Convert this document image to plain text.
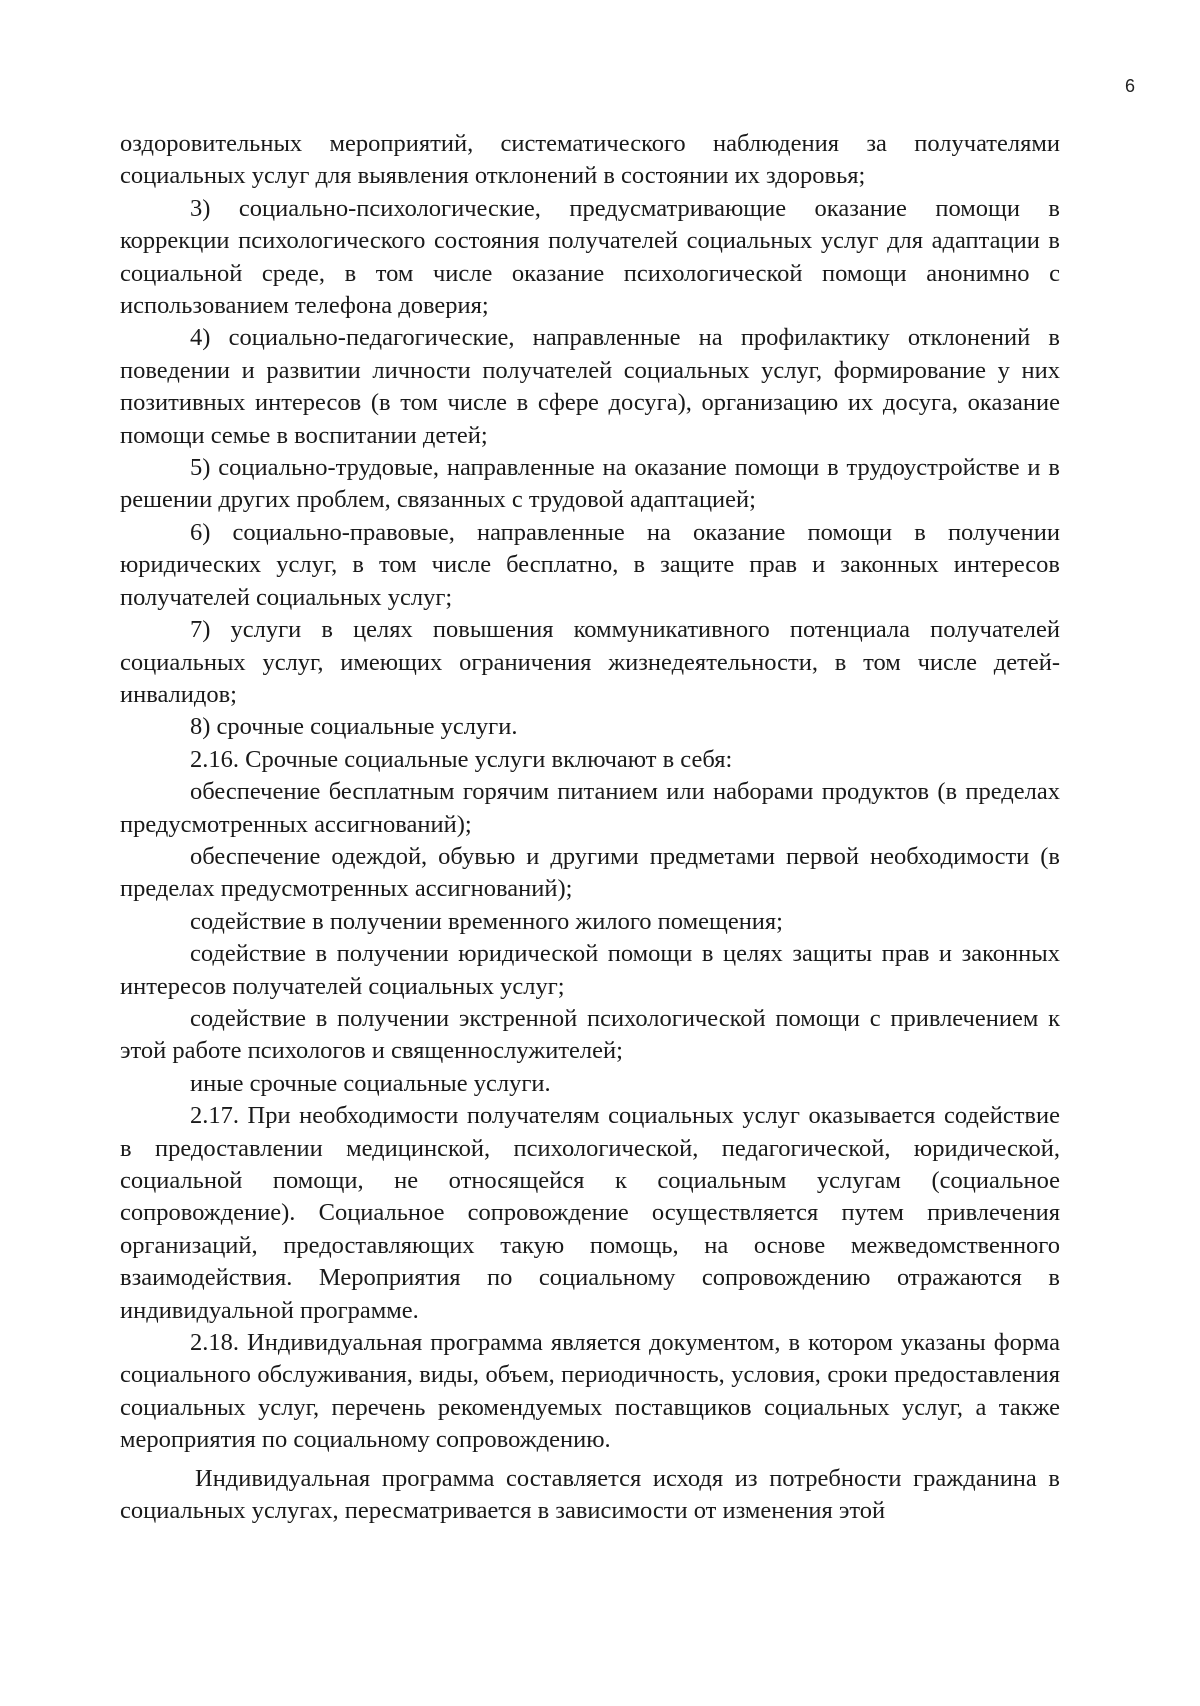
6

оздоровительных мероприятий, систематического наблюдения за получателями социальных услуг для выявления отклонений в состоянии их здоровья;

3) социально-психологические, предусматривающие оказание помощи в коррекции психологического состояния получателей социальных услуг для адаптации в социальной среде, в том числе оказание психологической помощи анонимно с использованием телефона доверия;

4) социально-педагогические, направленные на профилактику отклонений в поведении и развитии личности получателей социальных услуг, формирование у них позитивных интересов (в том числе в сфере досуга), организацию их досуга, оказание помощи семье в воспитании детей;

5) социально-трудовые, направленные на оказание помощи в трудоустройстве и в решении других проблем, связанных с трудовой адаптацией;

6) социально-правовые, направленные на оказание помощи в получении юридических услуг, в том числе бесплатно, в защите прав и законных интересов получателей социальных услуг;

7) услуги в целях повышения коммуникативного потенциала получателей социальных услуг, имеющих ограничения жизнедеятельности, в том числе детей-инвалидов;

8) срочные социальные услуги.

2.16. Срочные социальные услуги включают в себя:

обеспечение бесплатным горячим питанием или наборами продуктов (в пределах предусмотренных ассигнований);

обеспечение одеждой, обувью и другими предметами первой необходимости (в пределах предусмотренных ассигнований);

содействие в получении временного жилого помещения;

содействие в получении юридической помощи в целях защиты прав и законных интересов получателей социальных услуг;

содействие в получении экстренной психологической помощи с привлечением к этой работе психологов и священнослужителей;

иные срочные социальные услуги.

2.17. При необходимости получателям социальных услуг оказывается содействие в предоставлении медицинской, психологической, педагогической, юридической, социальной помощи, не относящейся к социальным услугам (социальное сопровождение). Социальное сопровождение осуществляется путем привлечения организаций, предоставляющих такую помощь, на основе межведомственного взаимодействия. Мероприятия по социальному сопровождению отражаются в индивидуальной программе.

2.18. Индивидуальная программа является документом, в котором указаны форма социального обслуживания, виды, объем, периодичность, условия, сроки предоставления социальных услуг, перечень рекомендуемых поставщиков социальных услуг, а также мероприятия по социальному сопровождению.

Индивидуальная программа составляется исходя из потребности гражданина в социальных услугах, пересматривается в зависимости от изменения этой
